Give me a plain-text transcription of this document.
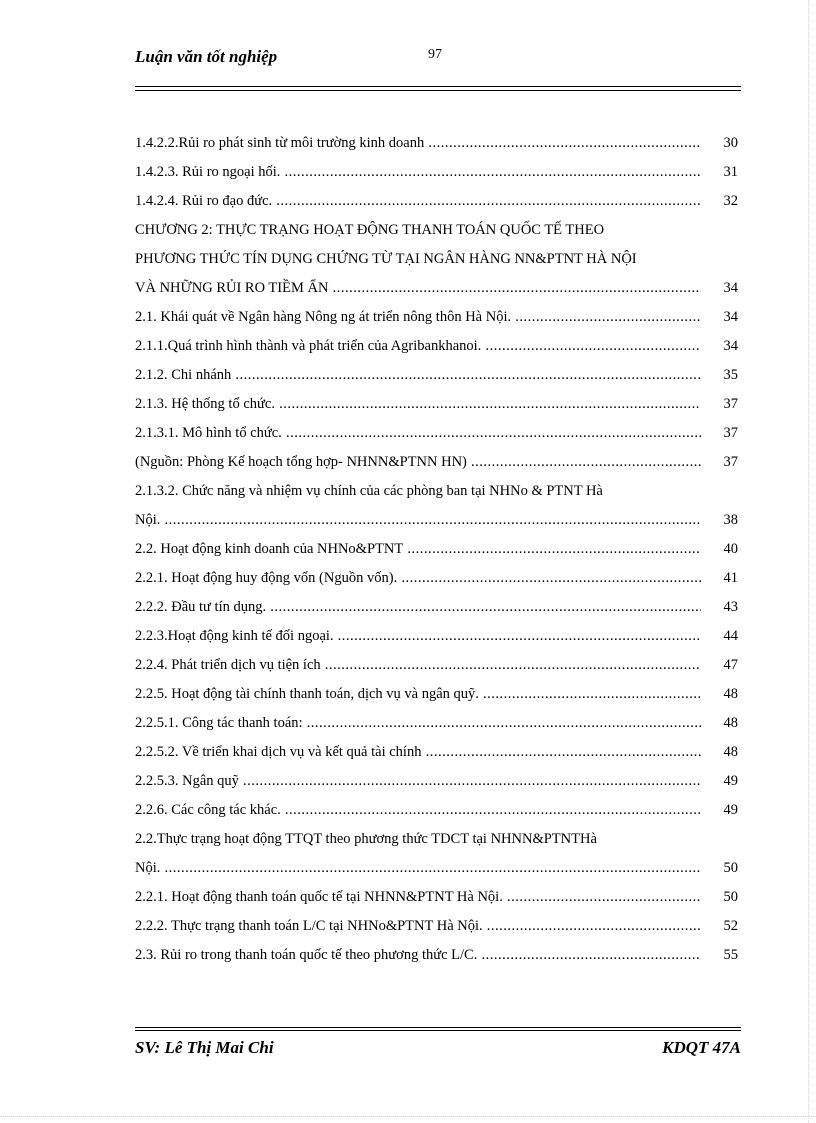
Luận văn tốt nghiệp	97
1.4.2.2.Rủi ro phát sinh từ môi trường kinh doanh .....	30
1.4.2.3. Rủi ro ngoại hối. .....	31
1.4.2.4. Rủi ro đạo đức. .....	32
CHƯƠNG 2: THỰC TRẠNG HOẠT ĐỘNG THANH TOÁN QUỐC TẾ THEO
PHƯƠNG THỨC TÍN DỤNG CHỨNG TỪ TẠI NGÂN HÀNG NN&PTNT HÀ NỘI
VÀ NHỮNG RỦI RO TIỀM ẨN .....	34
2.1. Khái quát về Ngân hàng Nông ng át triển nông thôn Hà Nội. .....	34
2.1.1.Quá trình hình thành và phát triển của Agribankhanoi. .....	34
2.1.2. Chi nhánh .....	35
2.1.3. Hệ thống tổ chức. .....	37
2.1.3.1. Mô hình tổ chức. .....	37
(Nguồn: Phòng Kế hoạch tổng hợp- NHNN&PTNN HN) .....	37
2.1.3.2. Chức năng và nhiệm vụ chính của các phòng ban tại NHNo & PTNT Hà
Nội. .....	38
2.2. Hoạt động kinh doanh của NHNo&PTNT .....	40
2.2.1. Hoạt động huy động vốn (Nguồn vốn). .....	41
2.2.2. Đầu tư tín dụng. .....	43
2.2.3.Hoạt động kinh tế đối ngoại. .....	44
2.2.4. Phát triển dịch vụ tiện ích .....	47
2.2.5. Hoạt động tài chính thanh toán, dịch vụ và ngân quỹ. .....	48
2.2.5.1. Công tác thanh toán: .....	48
2.2.5.2. Về triển khai dịch vụ và kết quả tài chính .....	48
2.2.5.3. Ngân quỹ .....	49
2.2.6. Các công tác khác. .....	49
2.2.Thực trạng hoạt động TTQT theo phương thức TDCT tại NHNN&PTNTHà
Nội. .....	50
2.2.1. Hoạt động thanh toán quốc tế tại NHNN&PTNT Hà Nội. .....	50
2.2.2. Thực trạng thanh toán L/C tại NHNo&PTNT Hà Nội. .....	52
2.3. Rủi ro trong thanh toán quốc tế theo phương thức L/C. .....	55
SV: Lê Thị Mai Chi	KDQT 47A
